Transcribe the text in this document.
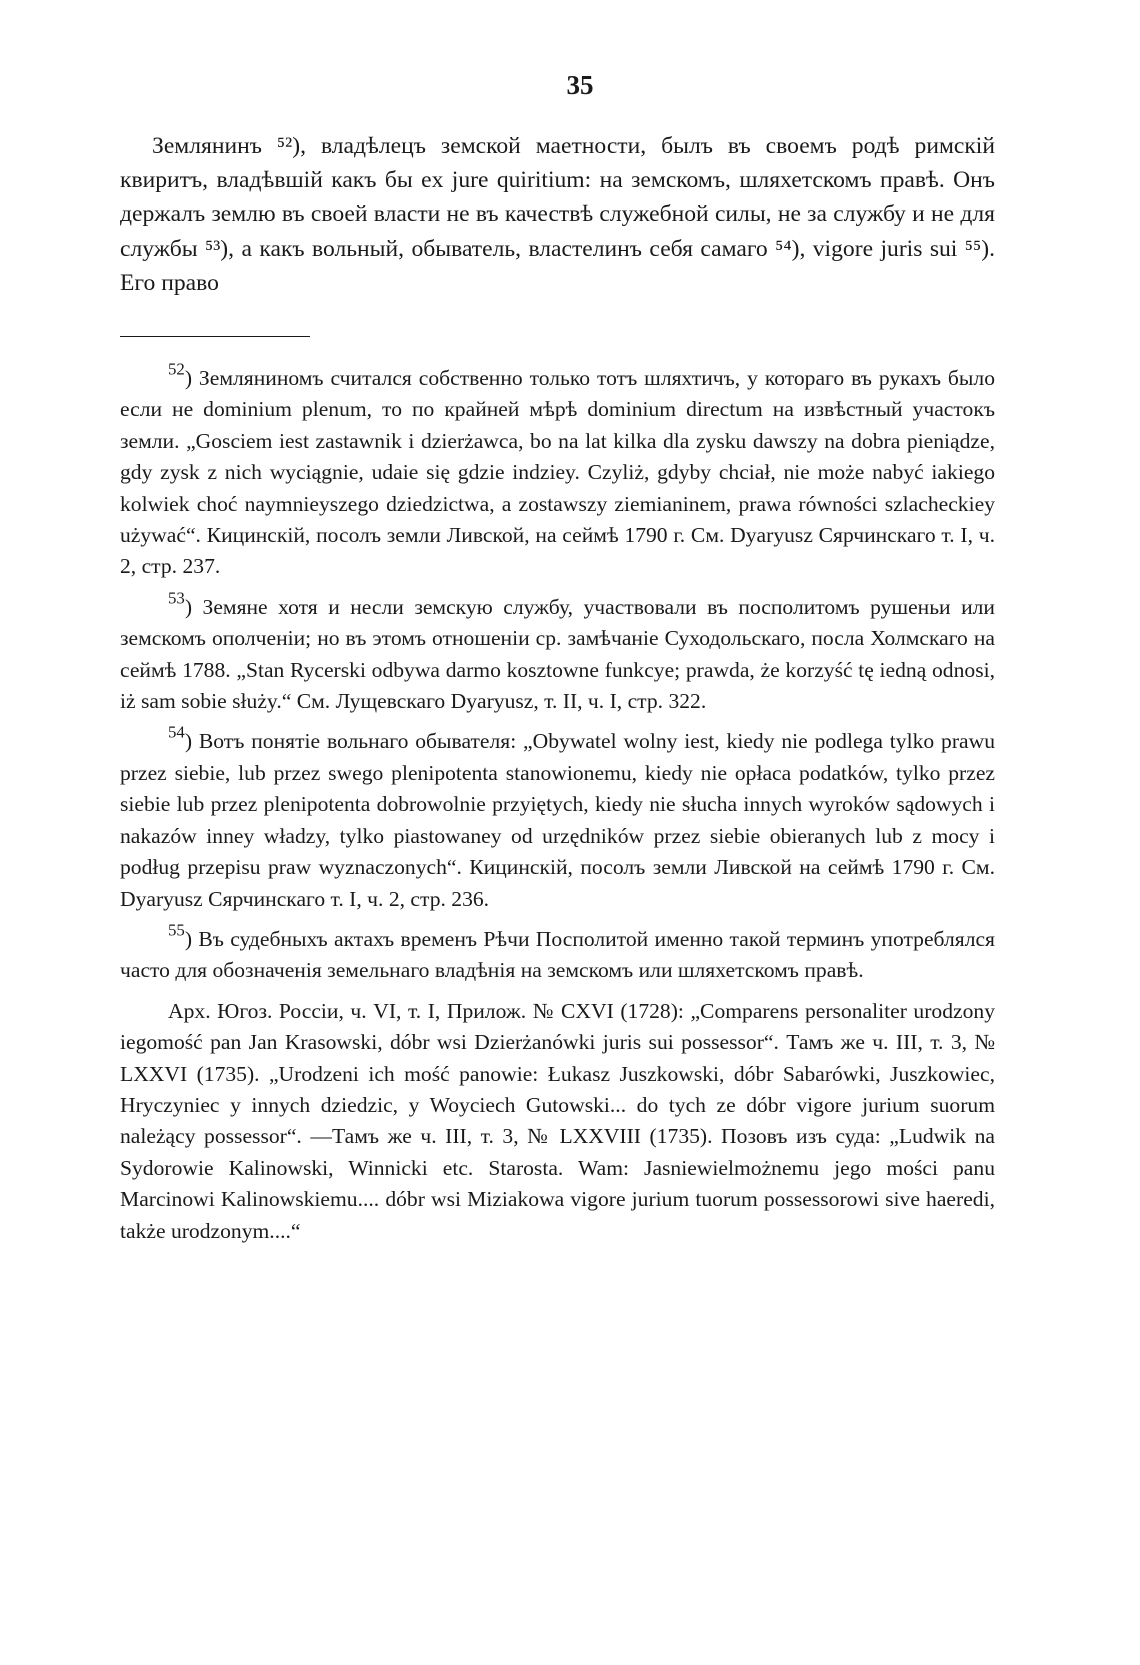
35

Землянинъ ⁵²), владѣлецъ земской маетности, былъ въ своемъ родѣ римскій квиритъ, владѣвшій какъ бы ex jure quiritium: на земскомъ, шляхетскомъ правѣ. Онъ держалъ землю въ своей власти не въ качествѣ служебной силы, не за службу и не для службы ⁵³), а какъ вольный, обыватель, властелинъ себя самаго ⁵⁴), vigore juris sui ⁵⁵). Его право

$^{52}$) Земляниномъ считался собственно только тотъ шляхтичъ, у котораго въ рукахъ было если не dominium plenum, то по крайней мѣрѣ dominium directum на извѣстный участокъ земли. „Gosciem iest zastawnik i dzierżawca, bo na lat kilka dla zysku dawszy na dobra pieniądze, gdy zysk z nich wyciągnie, udaie się gdzie indziey. Czyliż, gdyby chciał, nie może nabyć iakiego kolwiek choć naymnieyszego dziedzictwa, a zostawszy ziemianinem, prawa równości szlacheckiey używać“. Кицинскій, посолъ земли Ливской, на сеймѣ 1790 г. См. Dyaryusz Сярчинскаго т. I, ч. 2, стр. 237.

$^{53}$) Земяне хотя и несли земскую службу, участвовали въ посполитомъ рушеньи или земскомъ ополченіи; но въ этомъ отношеніи ср. замѣчаніе Суходольскаго, посла Холмскаго на сеймѣ 1788. „Stan Rycerski odbywa darmo kosztowne funkcye; prawda, że korzyść tę iedną odnosi, iż sam sobie służy.“ См. Лущевскаго Dyaryusz, т. II, ч. I, стр. 322.

$^{54}$) Вотъ понятіе вольнаго обывателя: „Obywatel wolny iest, kiedy nie podlega tylko prawu przez siebie, lub przez swego plenipotenta stanowionemu, kiedy nie opłaca podatków, tylko przez siebie lub przez plenipotenta dobrowolnie przyiętych, kiedy nie słucha innych wyroków sądowych i nakazów inney władzy, tylko piastowaney od urzędników przez siebie obieranych lub z mocy i podług przepisu praw wyznaczonych“. Кицинскій, посолъ земли Ливской на сеймѣ 1790 г. См. Dyaryusz Сярчинскаго т. I, ч. 2, стр. 236.

$^{55}$) Въ судебныхъ актахъ временъ Рѣчи Посполитой именно такой терминъ употреблялся часто для обозначенія земельнаго владѣнія на земскомъ или шляхетскомъ правѣ.

Арх. Югоз. Россіи, ч. VI, т. I, Прилож. № CXVI (1728): „Comparens personaliter urodzony iegomość pan Jan Krasowski, dóbr wsi Dzierżanówki juris sui possessor“. Тамъ же ч. III, т. 3, № LXXVI (1735). „Urodzeni ich mość panowie: Łukasz Juszkowski, dóbr Sabarówki, Juszkowiec, Hryczyniec y innych dziedzic, y Woyciech Gutowski... do tych ze dóbr vigore jurium suorum należący possessor“. —Тамъ же ч. III, т. 3, № LXXVIII (1735). Позовъ изъ суда: „Ludwik na Sydorowie Kalinowski, Winnicki etc. Starosta. Wam: Jasniewielmożnemu jego mości panu Marcinowi Kalinowskiemu.... dóbr wsi Miziakowa vigore jurium tuorum possessorowi sive haeredi, także urodzonym....“
